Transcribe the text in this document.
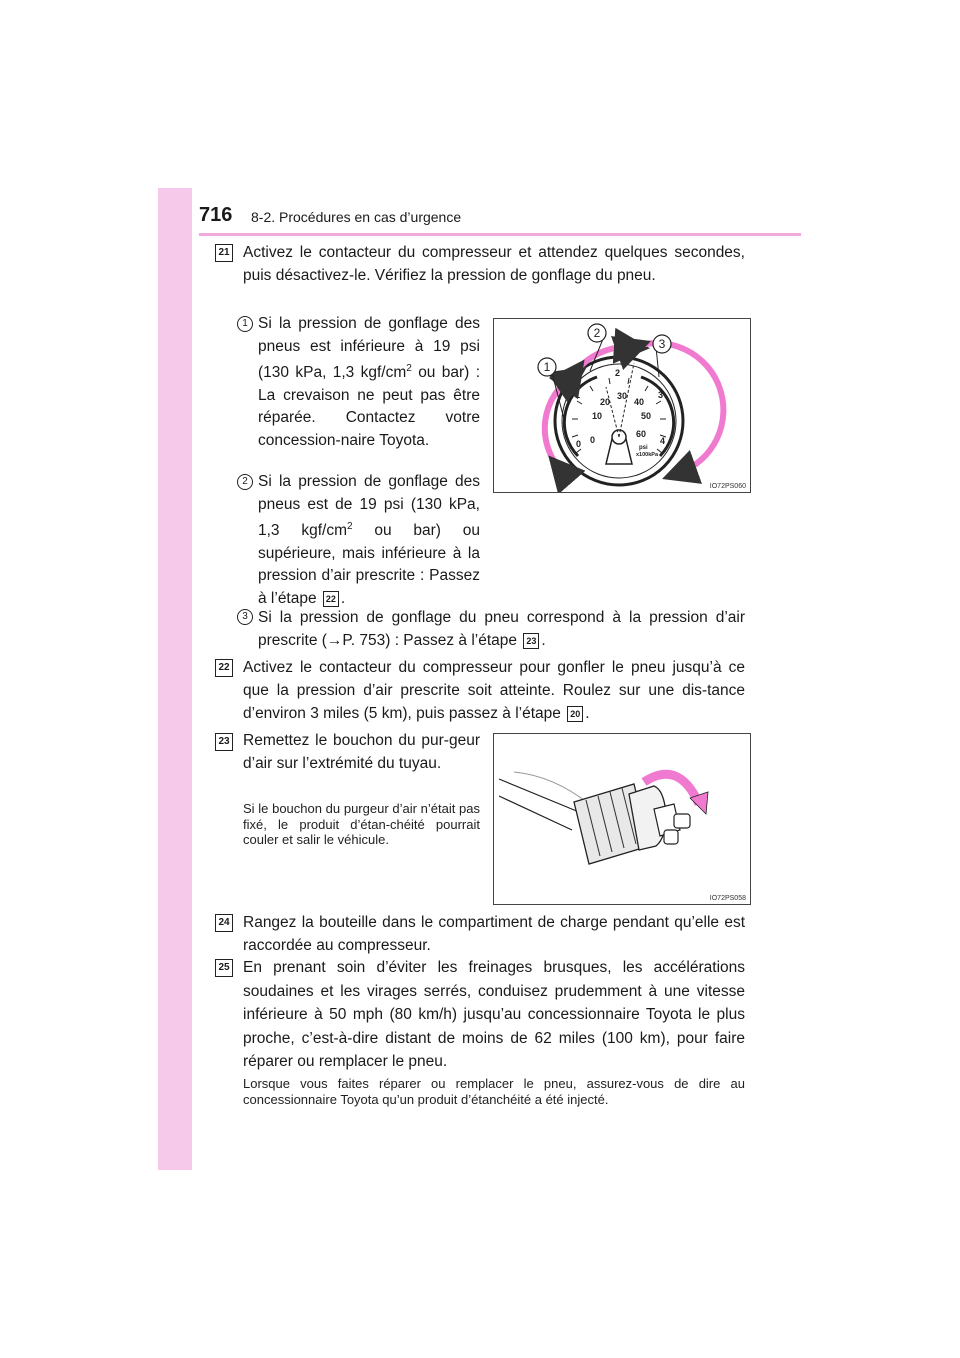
716 8-2. Procédures en cas d’urgence
21 Activez le contacteur du compresseur et attendez quelques secondes, puis désactivez-le. Vérifiez la pression de gonflage du pneu.

1 Si la pression de gonflage des pneus est inférieure à 19 psi (130 kPa, 1,3 kgf/$cm^2$ ou bar) : La crevaison ne peut pas être réparée. Contactez votre concession-naire Toyota.

2 Si la pression de gonflage des pneus est de 19 psi (130 kPa, 1,3 kgf/$cm^2$ ou bar) ou supérieure, mais inférieure à la pression d’air prescrite : Passez à l’étape 22 .

3 Si la pression de gonflage du pneu correspond à la pression d’air prescrite (→P. 753) : Passez à l’étape 23 .

1
2
3
4
0 0
10
20
30
40
50
60
psi
x100kPa
1
2
3
IO72PS060
22 Activez le contacteur du compresseur pour gonfler le pneu jusqu’à ce que la pression d’air prescrite soit atteinte. Roulez sur une dis-tance d’environ 3 miles (5 km), puis passez à l’étape 20 .

23 Remettez le bouchon du pur-geur d’air sur l’extrémité du tuyau.

Si le bouchon du purgeur d’air n’était pas fixé, le produit d’étan-chéité pourrait couler et salir le véhicule.

IO72PS058
24 Rangez la bouteille dans le compartiment de charge pendant qu’elle est raccordée au compresseur.

25 En prenant soin d’éviter les freinages brusques, les accélérations soudaines et les virages serrés, conduisez prudemment à une vitesse inférieure à 50 mph (80 km/h) jusqu’au concessionnaire Toyota le plus proche, c’est-à-dire distant de moins de 62 miles (100 km), pour faire réparer ou remplacer le pneu.

Lorsque vous faites réparer ou remplacer le pneu, assurez-vous de dire au concessionnaire Toyota qu’un produit d’étanchéité a été injecté.
